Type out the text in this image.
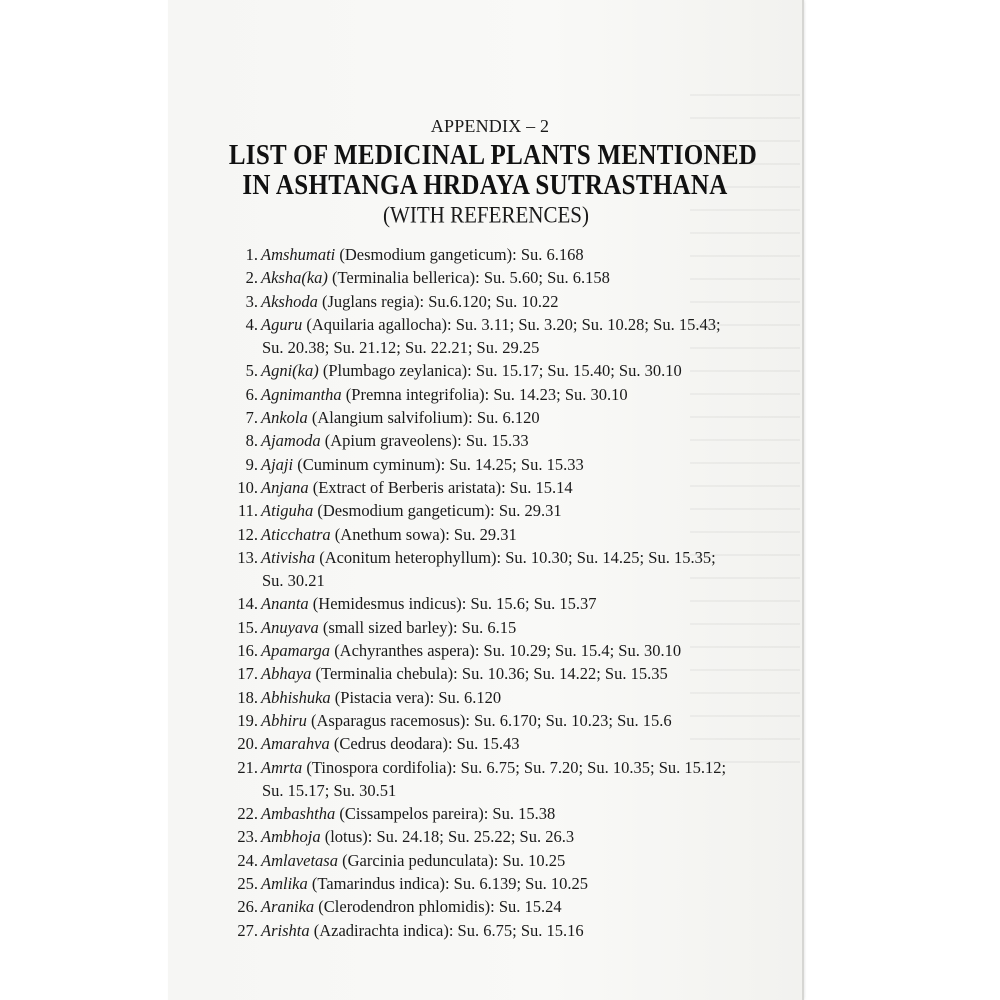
APPENDIX – 2
LIST OF MEDICINAL PLANTS MENTIONED
IN ASHTANGA HRDAYA SUTRASTHANA
(WITH REFERENCES)
1. Amshumati (Desmodium gangeticum): Su. 6.168
2. Aksha(ka) (Terminalia bellerica): Su. 5.60; Su. 6.158
3. Akshoda (Juglans regia): Su.6.120; Su. 10.22
4. Aguru (Aquilaria agallocha): Su. 3.11; Su. 3.20; Su. 10.28; Su. 15.43;
Su. 20.38; Su. 21.12; Su. 22.21; Su. 29.25
5. Agni(ka) (Plumbago zeylanica): Su. 15.17; Su. 15.40; Su. 30.10
6. Agnimantha (Premna integrifolia): Su. 14.23; Su. 30.10
7. Ankola (Alangium salvifolium): Su. 6.120
8. Ajamoda (Apium graveolens): Su. 15.33
9. Ajaji (Cuminum cyminum): Su. 14.25; Su. 15.33
10. Anjana (Extract of Berberis aristata): Su. 15.14
11. Atiguha (Desmodium gangeticum): Su. 29.31
12. Aticchatra (Anethum sowa): Su. 29.31
13. Ativisha (Aconitum heterophyllum): Su. 10.30; Su. 14.25; Su. 15.35;
Su. 30.21
14. Ananta (Hemidesmus indicus): Su. 15.6; Su. 15.37
15. Anuyava (small sized barley): Su. 6.15
16. Apamarga (Achyranthes aspera): Su. 10.29; Su. 15.4; Su. 30.10
17. Abhaya (Terminalia chebula): Su. 10.36; Su. 14.22; Su. 15.35
18. Abhishuka (Pistacia vera): Su. 6.120
19. Abhiru (Asparagus racemosus): Su. 6.170; Su. 10.23; Su. 15.6
20. Amarahva (Cedrus deodara): Su. 15.43
21. Amrta (Tinospora cordifolia): Su. 6.75; Su. 7.20; Su. 10.35; Su. 15.12;
Su. 15.17; Su. 30.51
22. Ambashtha (Cissampelos pareira): Su. 15.38
23. Ambhoja (lotus): Su. 24.18; Su. 25.22; Su. 26.3
24. Amlavetasa (Garcinia pedunculata): Su. 10.25
25. Amlika (Tamarindus indica): Su. 6.139; Su. 10.25
26. Aranika (Clerodendron phlomidis): Su. 15.24
27. Arishta (Azadirachta indica): Su. 6.75; Su. 15.16
